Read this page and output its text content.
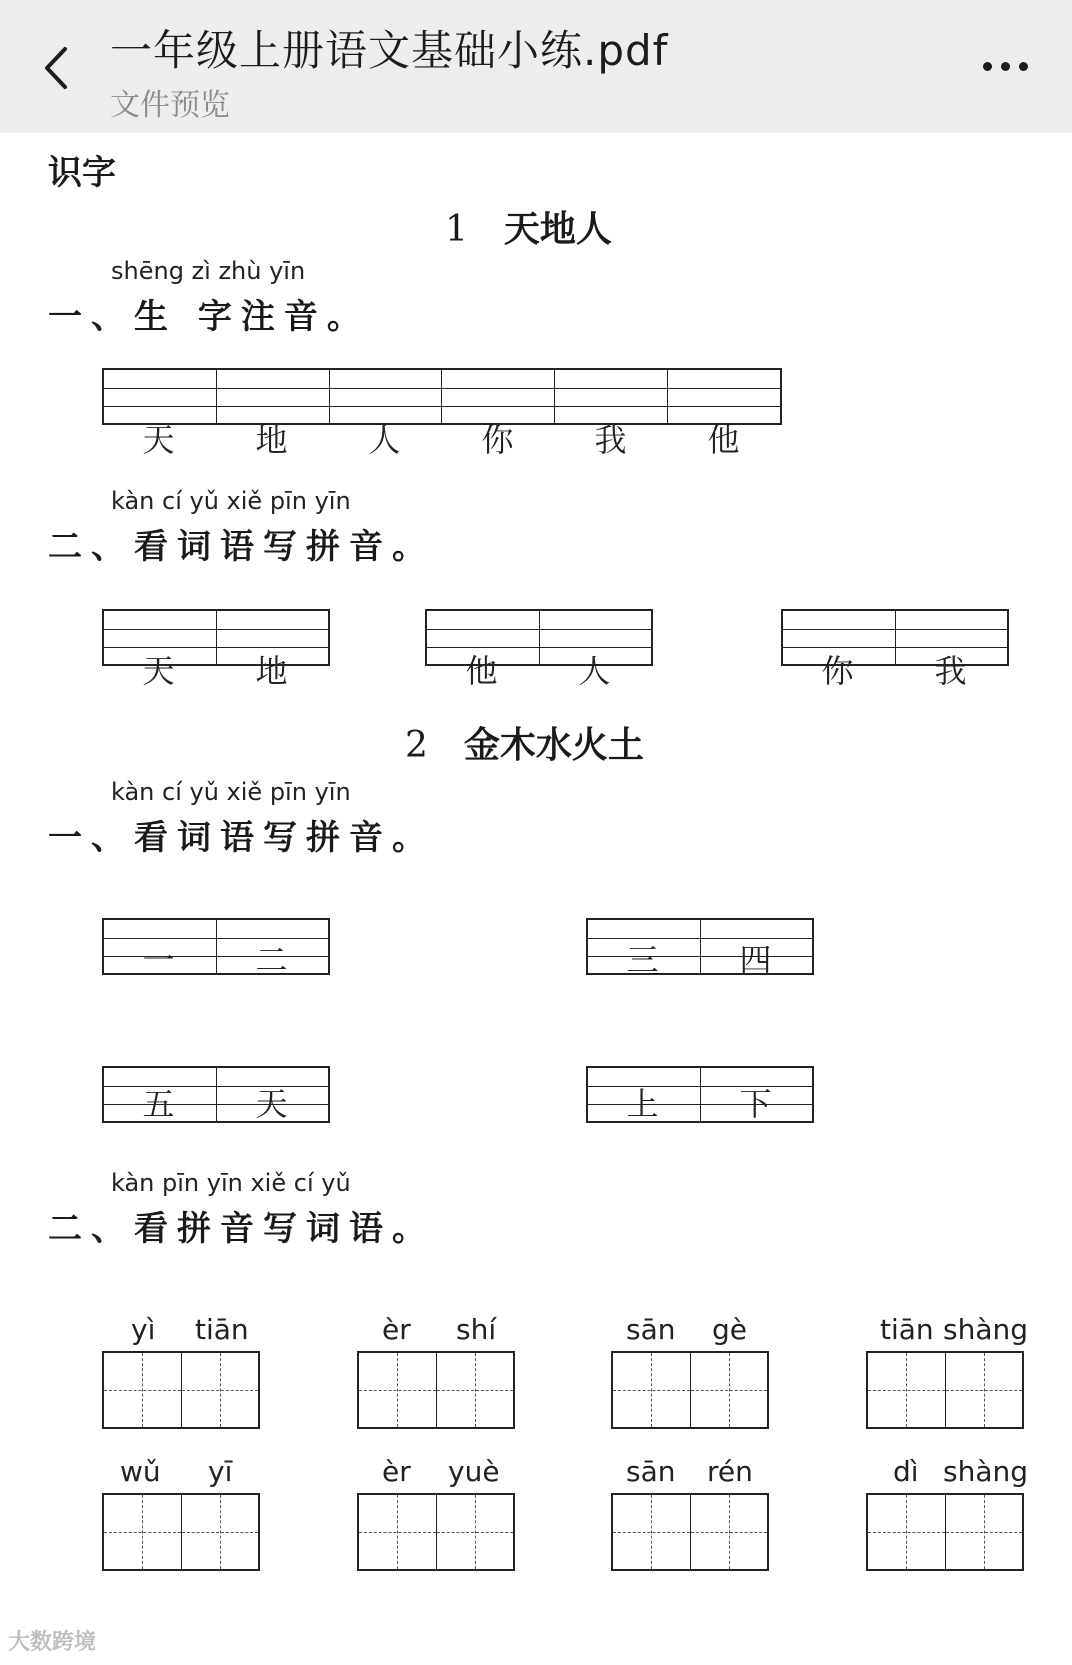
一年级上册语文基础小练.pdf
文件预览
识字
1 天地人
shēng zì zhù yīn
一、生 字注音。
天	地	人	你	我	他
kàn cí yǔ xiě pīn yīn
二、看词语写拼音。
天	地	他	人	你	我
2 金木水火土
kàn cí yǔ xiě pīn yīn
一、看词语写拼音。
一	二	三	四
五	天	上	下
kàn pīn yīn xiě cí yǔ
二、看拼音写词语。
yì tiān	èr shí	sān gè	tiān shàng
wǔ yī	èr yuè	sān rén	dì shàng
大数跨境
